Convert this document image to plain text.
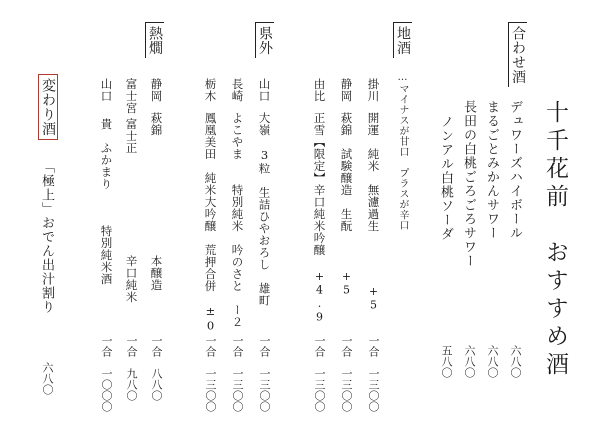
十千花前　おすすめ酒
合わせ酒
デュワーズハイボール
まるごとみかんサワー
長田の白桃ごろごろサワー
ノンアル白桃ソーダ
六八〇
六八〇
六八〇
五八〇
地酒
…マイナスが甘口　プラスが辛口
掛川
開運　純米　無濾過生
+5
一合　一三〇〇
静岡
萩錦　試験醸造　生酛
+5
一合　一三〇〇
由比
正雪【限定】辛口純米吟醸
+4.9
一合　一三〇〇
県外
山口
大嶺　3粒　生詰ひやおろし　雄町
一合　一三〇〇
長崎
よこやま　　特別純米　吟のさと　ー２
一合　一三〇〇
栃木
鳳凰美田　純米大吟醸　荒押合併　±0
一合　一三〇〇
熱燗
静岡
萩錦
本醸造
一合　八八〇
富士宮
富士正
辛口純米
一合　九八〇
山口
貴　ふかまり
特別純米酒
一合　一〇〇〇
変わり酒
「極上」おでん出汁割り
六八〇
